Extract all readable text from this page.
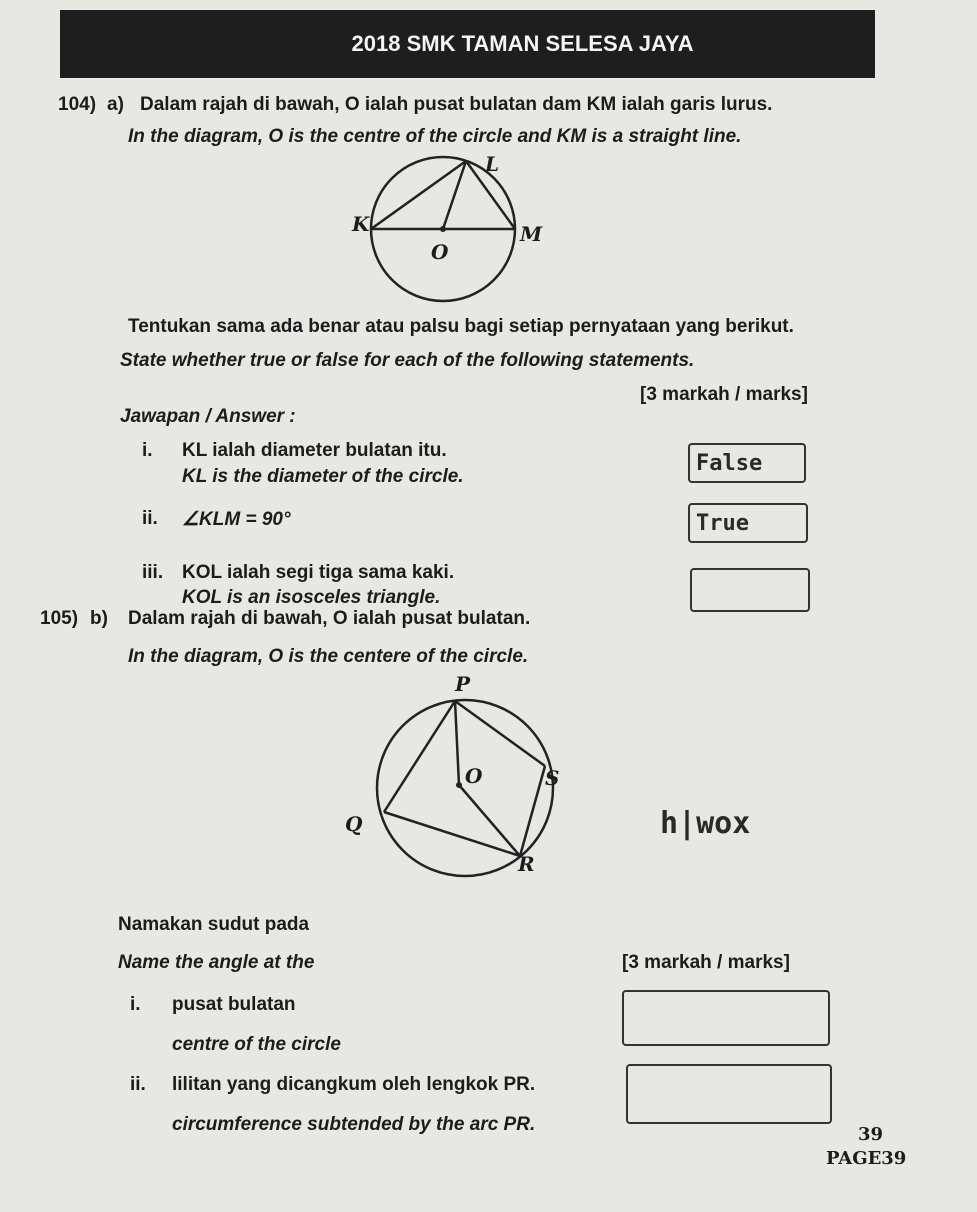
2018 SMK TAMAN SELESA JAYA
104) a) Dalam rajah di bawah, O ialah pusat bulatan dam KM ialah garis lurus.
In the diagram, O is the centre of the circle and KM is a straight line.
L
K	M
O
Tentukan sama ada benar atau palsu bagi setiap pernyataan yang berikut.
State whether true or false for each of the following statements.
[3 markah / marks]
Jawapan / Answer :
i. KL ialah diameter bulatan itu.
KL is the diameter of the circle.
False
ii. ∠KLM = 90°	True
iii. KOL ialah segi tiga sama kaki.
KOL is an isosceles triangle.
105) b) Dalam rajah di bawah, O ialah pusat bulatan.
In the diagram, O is the centere of the circle.
P
O	S
Q
R
h|wox
Namakan sudut pada
Name the angle at the	[3 markah / marks]
i. pusat bulatan
centre of the circle
ii. lilitan yang dicangkum oleh lengkok PR.
circumference subtended by the arc PR.	39
PAGE39
